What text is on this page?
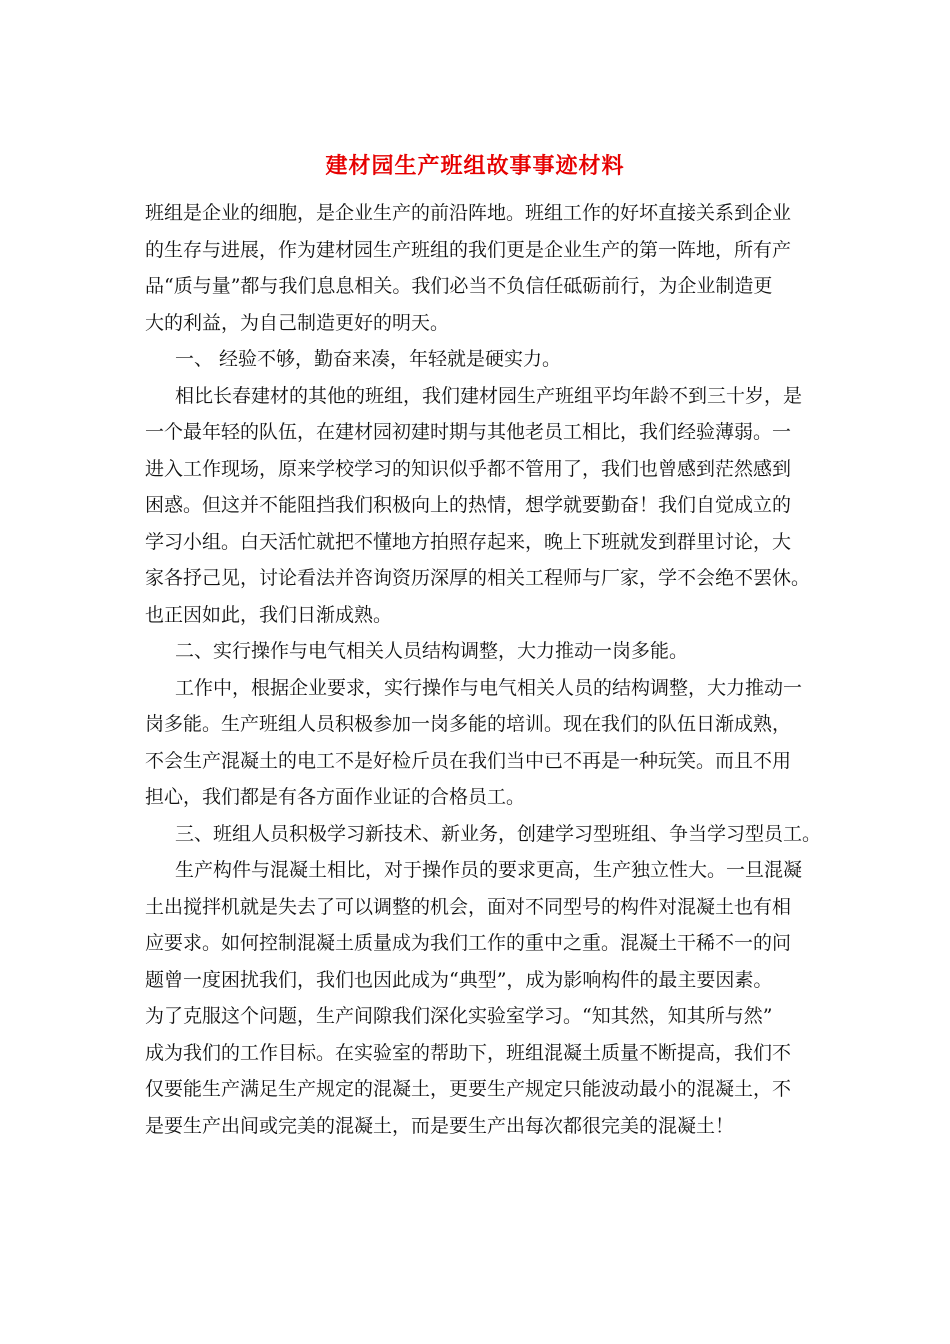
建材园生产班组故事事迹材料
班组是企业的细胞，是企业生产的前沿阵地。班组工作的好坏直接关系到企业
的生存与进展，作为建材园生产班组的我们更是企业生产的第一阵地，所有产
品“质与量”都与我们息息相关。我们必当不负信任砥砺前行，为企业制造更
大的利益，为自己制造更好的明天。
一、 经验不够，勤奋来凑，年轻就是硬实力。
相比长春建材的其他的班组，我们建材园生产班组平均年龄不到三十岁，是
一个最年轻的队伍，在建材园初建时期与其他老员工相比，我们经验薄弱。一
进入工作现场，原来学校学习的知识似乎都不管用了，我们也曾感到茫然感到
困惑。但这并不能阻挡我们积极向上的热情，想学就要勤奋！我们自觉成立的
学习小组。白天活忙就把不懂地方拍照存起来，晚上下班就发到群里讨论，大
家各抒己见，讨论看法并咨询资历深厚的相关工程师与厂家，学不会绝不罢休。
也正因如此，我们日渐成熟。
二、实行操作与电气相关人员结构调整，大力推动一岗多能。
工作中，根据企业要求，实行操作与电气相关人员的结构调整，大力推动一
岗多能。生产班组人员积极参加一岗多能的培训。现在我们的队伍日渐成熟，
不会生产混凝土的电工不是好检斤员在我们当中已不再是一种玩笑。而且不用
担心，我们都是有各方面作业证的合格员工。
三、班组人员积极学习新技术、新业务，创建学习型班组、争当学习型员工。
生产构件与混凝土相比，对于操作员的要求更高，生产独立性大。一旦混凝
土出搅拌机就是失去了可以调整的机会，面对不同型号的构件对混凝土也有相
应要求。如何控制混凝土质量成为我们工作的重中之重。混凝土干稀不一的问
题曾一度困扰我们，我们也因此成为“典型”，成为影响构件的最主要因素。
为了克服这个问题，生产间隙我们深化实验室学习。“知其然，知其所与然”
成为我们的工作目标。在实验室的帮助下，班组混凝土质量不断提高，我们不
仅要能生产满足生产规定的混凝土，更要生产规定只能波动最小的混凝土，不
是要生产出间或完美的混凝土，而是要生产出每次都很完美的混凝土！
